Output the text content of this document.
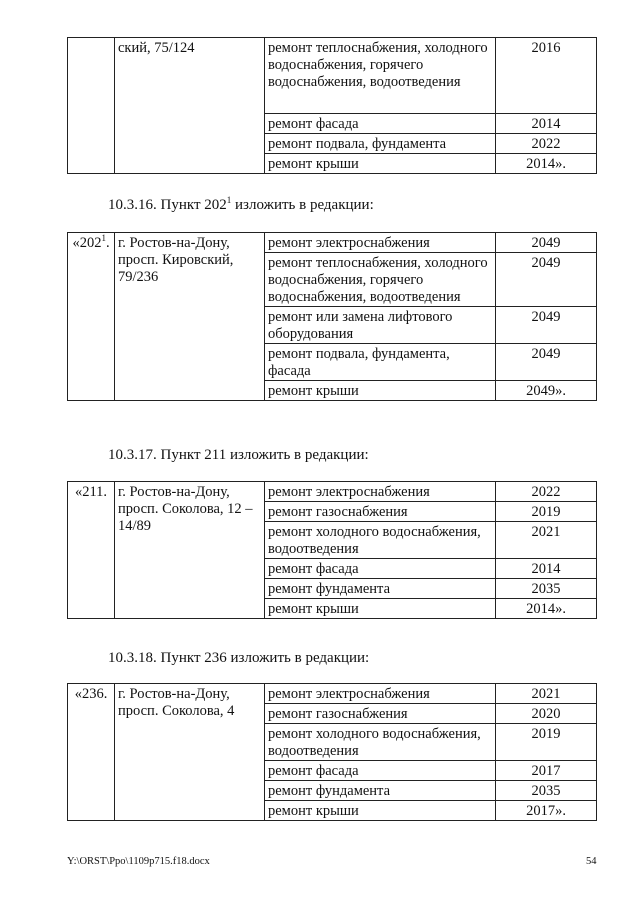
	ский, 75/124	ремонт теплоснабжения, холодного водоснабжения, горячего водоснабжения, водоотведения	2016
		ремонт фасада	2014
		ремонт подвала, фундамента	2022
		ремонт крыши	2014».

10.3.16. Пункт $202^1$ изложить в редакции:

«$202^1$.	г. Ростов-на-Дону, просп. Кировский, 79/236	ремонт электроснабжения	2049
		ремонт теплоснабжения, холодного водоснабжения, горячего водоснабжения, водоотведения	2049
		ремонт или замена лифтового оборудования	2049
		ремонт подвала, фундамента, фасада	2049
		ремонт крыши	2049».

10.3.17. Пункт 211 изложить в редакции:

«211.	г. Ростов-на-Дону, просп. Соколова, 12 – 14/89	ремонт электроснабжения	2022
		ремонт газоснабжения	2019
		ремонт холодного водоснабжения, водоотведения	2021
		ремонт фасада	2014
		ремонт фундамента	2035
		ремонт крыши	2014».

10.3.18. Пункт 236 изложить в редакции:

«236.	г. Ростов-на-Дону, просп. Соколова, 4	ремонт электроснабжения	2021
		ремонт газоснабжения	2020
		ремонт холодного водоснабжения, водоотведения	2019
		ремонт фасада	2017
		ремонт фундамента	2035
		ремонт крыши	2017».
Y:\ORST\Ppo\1109p715.f18.docx	54
